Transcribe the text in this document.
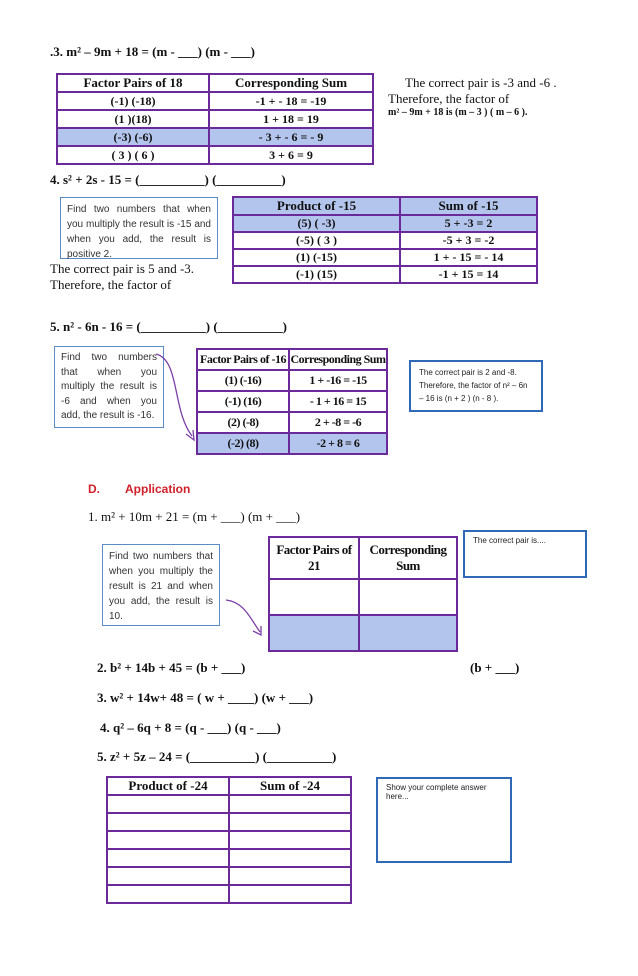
.3. m² – 9m + 18 = (m - ___) (m - ___)
Factor Pairs of 18	Corresponding Sum
(-1) (-18)	-1 + - 18 = -19
(1 )(18)	1 + 18 = 19
(-3) (-6)	- 3 + - 6 = - 9
( 3 ) ( 6 )	3 + 6 = 9
The correct pair is -3 and -6 .
Therefore, the factor of
m² – 9m + 18 is (m – 3 ) ( m – 6 ).
4. s² + 2s - 15 = (__________) (__________)
Find two numbers that when you multiply the result is -15 and when you add, the result is positive 2.
Product of -15	Sum of -15
(5) ( -3)	5 + -3 = 2
(-5) ( 3 )	-5 + 3 = -2
(1) (-15)	1 + - 15 = - 14
(-1) (15)	-1 + 15 = 14
The correct pair is 5 and -3.
Therefore, the factor of
5. n² - 6n - 16 = (__________) (__________)
Find two numbers that when you multiply the result is -6 and when you add, the result is -16.
Factor Pairs of -16	Corresponding Sum
(1) (-16)	1 + -16 = -15
(-1) (16)	- 1 + 16 = 15
(2) (-8)	2 + -8 = -6
(-2) (8)	-2 + 8 = 6
The correct pair is 2 and -8. Therefore, the factor of n² – 6n – 16 is (n + 2 ) (n - 8 ).
D. Application
1. m² + 10m + 21 = (m + ___) (m + ___)
Find two numbers that when you multiply the result is 21 and when you add, the result is 10.
Factor Pairs of 21	Corresponding Sum

The correct pair is....
2. b² + 14b + 45 = (b + ___)	(b + ___)
3. w² + 14w+ 48 = ( w + ____) (w + ___)
4. q² – 6q + 8 = (q - ___) (q - ___)
5. z² + 5z – 24 = (__________) (__________)
Product of -24	Sum of -24

		Show your complete answer here...
